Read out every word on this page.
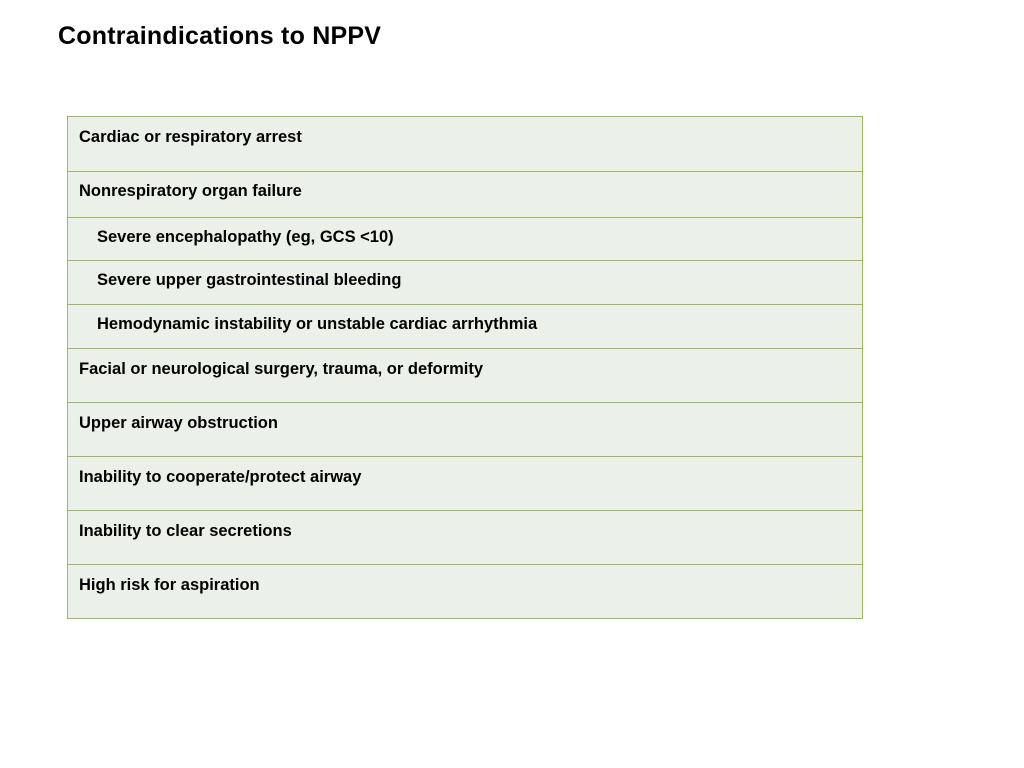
Contraindications to NPPV
Cardiac or respiratory arrest
Nonrespiratory organ failure
Severe encephalopathy (eg, GCS <10)
Severe upper gastrointestinal bleeding
Hemodynamic instability or unstable cardiac arrhythmia
Facial or neurological surgery, trauma, or deformity
Upper airway obstruction
Inability to cooperate/protect airway
Inability to clear secretions
High risk for aspiration
